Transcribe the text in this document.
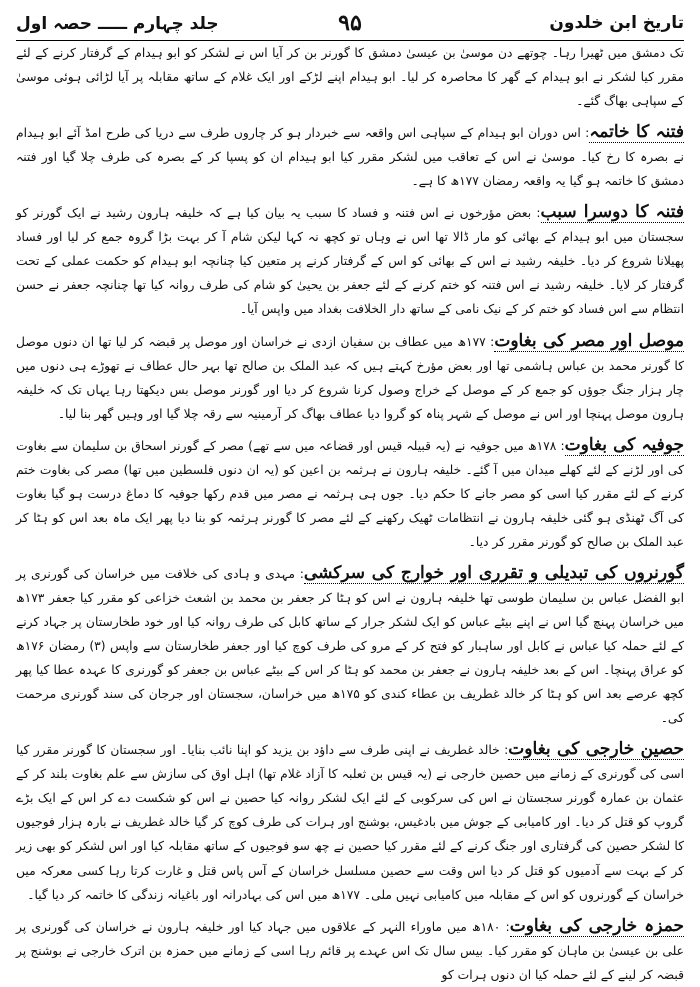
تاریخ ابن خلدون
۹۵
جلد چہارم ـــــ حصہ اول

تک دمشق میں ٹھیرا رہا۔ چوتھے دن موسیٰ بن عیسیٰ دمشق کا گورنر بن کر آیا اس نے لشکر کو ابو ہیدام کے گرفتار کرنے کے لئے مقرر کیا لشکر نے ابو ہیدام کے گھر کا محاصرہ کر لیا۔ ابو ہیدام اپنے لڑکے اور ایک غلام کے ساتھ مقابلہ پر آیا لڑائی ہوئی موسیٰ کے سپاہی بھاگ گئے۔

فتنہ کا خاتمہ: اس دوران ابو ہیدام کے سپاہی اس واقعہ سے خبردار ہو کر چاروں طرف سے دریا کی طرح امڈ آئے ابو ہیدام نے بصرہ کا رخ کیا۔ موسیٰ نے اس کے تعاقب میں لشکر مقرر کیا ابو ہیدام ان کو پسپا کر کے بصرہ کی طرف چلا گیا اور فتنہ دمشق کا خاتمہ ہو گیا یہ واقعہ رمضان ۱۷۷ھ کا ہے۔

فتنہ کا دوسرا سبب: بعض مؤرخوں نے اس فتنہ و فساد کا سبب یہ بیان کیا ہے کہ خلیفہ ہارون رشید نے ایک گورنر کو سجستان میں ابو ہیدام کے بھائی کو مار ڈالا تھا اس نے وہاں تو کچھ نہ کہا لیکن شام آ کر بہت بڑا گروہ جمع کر لیا اور فساد پھیلانا شروع کر دیا۔ خلیفہ رشید نے اس کے بھائی کو اس کے گرفتار کرنے پر متعین کیا چنانچہ ابو ہیدام کو حکمت عملی کے تحت گرفتار کر لایا۔ خلیفہ رشید نے اس فتنہ کو ختم کرنے کے لئے جعفر بن یحییٰ کو شام کی طرف روانہ کیا تھا چنانچہ جعفر نے حسن انتظام سے اس فساد کو ختم کر کے نیک نامی کے ساتھ دار الخلافت بغداد میں واپس آیا۔

موصل اور مصر کی بغاوت: ۱۷۷ھ میں عطاف بن سفیان ازدی نے خراسان اور موصل پر قبضہ کر لیا تھا ان دنوں موصل کا گورنر محمد بن عباس ہاشمی تھا اور بعض مؤرخ کہتے ہیں کہ عبد الملک بن صالح تھا بہر حال عطاف نے تھوڑے ہی دنوں میں چار ہزار جنگ جوؤں کو جمع کر کے موصل کے خراج وصول کرنا شروع کر دیا اور گورنر موصل بس دیکھتا رہا یہاں تک کہ خلیفہ ہارون موصل پہنچا اور اس نے موصل کے شہر پناہ کو گروا دیا عطاف بھاگ کر آرمینیہ سے رقہ چلا گیا اور وہیں گھر بنا لیا۔

جوفیہ کی بغاوت: ۱۷۸ھ میں جوفیہ نے (یہ قبیلہ قیس اور قضاعہ میں سے تھے) مصر کے گورنر اسحاق بن سلیمان سے بغاوت کی اور لڑنے کے لئے کھلے میدان میں آ گئے۔ خلیفہ ہارون نے ہرثمہ بن اعین کو (یہ ان دنوں فلسطین میں تھا) مصر کی بغاوت ختم کرنے کے لئے مقرر کیا اسی کو مصر جانے کا حکم دیا۔ جوں ہی ہرثمہ نے مصر میں قدم رکھا جوفیہ کا دماغ درست ہو گیا بغاوت کی آگ ٹھنڈی ہو گئی خلیفہ ہارون نے انتظامات ٹھیک رکھنے کے لئے مصر کا گورنر ہرثمہ کو بنا دیا پھر ایک ماہ بعد اس کو ہٹا کر عبد الملک بن صالح کو گورنر مقرر کر دیا۔

گورنروں کی تبدیلی و تقرری اور خوارج کی سرکشی: مہدی و ہادی کی خلافت میں خراسان کی گورنری پر ابو الفضل عباس بن سلیمان طوسی تھا خلیفہ ہارون نے اس کو ہٹا کر جعفر بن محمد بن اشعث خزاعی کو مقرر کیا جعفر ۱۷۳ھ میں خراسان پہنچ گیا اس نے اپنے بیٹے عباس کو ایک لشکر جرار کے ساتھ کابل کی طرف روانہ کیا اور خود طخارستان پر جہاد کرنے کے لئے حملہ کیا عباس نے کابل اور ساہبار کو فتح کر کے مرو کی طرف کوچ کیا اور جعفر طخارستان سے واپس (۳) رمضان ۱۷۶ھ کو عراق پہنچا۔ اس کے بعد خلیفہ ہارون نے جعفر بن محمد کو ہٹا کر اس کے بیٹے عباس بن جعفر کو گورنری کا عہدہ عطا کیا پھر کچھ عرصے بعد اس کو ہٹا کر خالد غطریف بن عطاء کندی کو ۱۷۵ھ میں خراسان، سجستان اور جرجان کی سند گورنری مرحمت کی۔

حصین خارجی کی بغاوت: خالد غطریف نے اپنی طرف سے داؤد بن یزید کو اپنا نائب بنایا۔ اور سجستان کا گورنر مقرر کیا اسی کی گورنری کے زمانے میں حصین خارجی نے (یہ قیس بن ثعلبہ کا آزاد غلام تھا) اہل اوق کی سازش سے علم بغاوت بلند کر کے عثمان بن عمارہ گورنر سجستان نے اس کی سرکوبی کے لئے ایک لشکر روانہ کیا حصین نے اس کو شکست دے کر اس کے ایک بڑے گروپ کو قتل کر دیا۔ اور کامیابی کے جوش میں بادغیس، بوشنج اور ہرات کی طرف کوچ کر گیا خالد غطریف نے بارہ ہزار فوجیوں کا لشکر حصین کی گرفتاری اور جنگ کرنے کے لئے مقرر کیا حصین نے چھ سو فوجیوں کے ساتھ مقابلہ کیا اور اس لشکر کو بھی زیر کر کے بہت سے آدمیوں کو قتل کر دیا اس وقت سے حصین مسلسل خراسان کے آس پاس قتل و غارت کرتا رہا کسی معرکہ میں خراسان کے گورنروں کو اس کے مقابلہ میں کامیابی نہیں ملی۔ ۱۷۷ھ میں اس کی بہادرانہ اور باغیانہ زندگی کا خاتمہ کر دیا گیا۔

حمزہ خارجی کی بغاوت: ۱۸۰ھ میں ماوراء النہر کے علاقوں میں جہاد کیا اور خلیفہ ہارون نے خراسان کی گورنری پر علی بن عیسیٰ بن ماہان کو مقرر کیا۔ بیس سال تک اس عہدے پر قائم رہا اسی کے زمانے میں حمزہ بن اترک خارجی نے بوشنج پر قبضہ کر لینے کے لئے حملہ کیا ان دنوں ہرات کو
